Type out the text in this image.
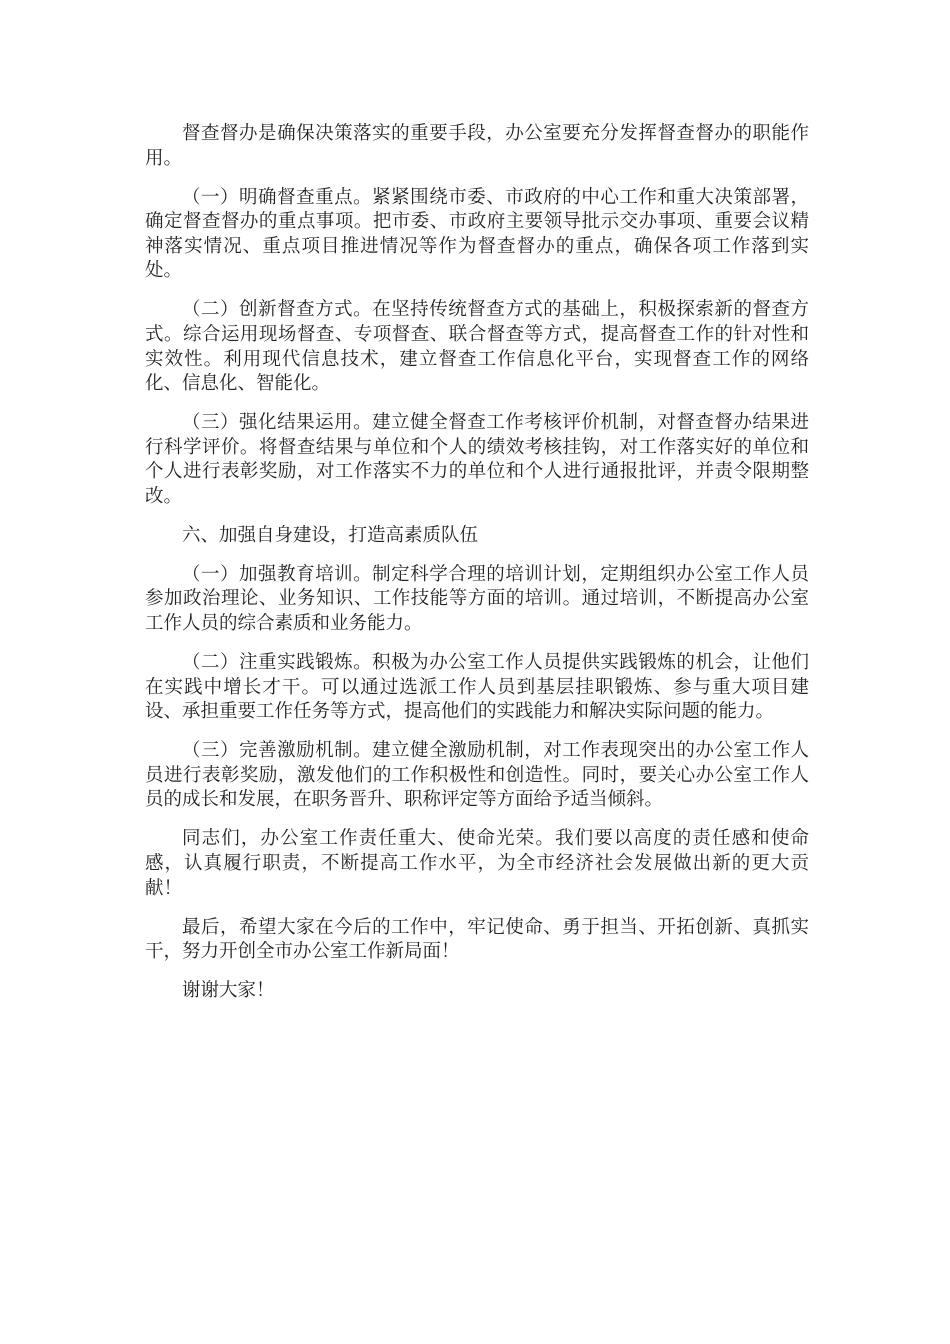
督查督办是确保决策落实的重要手段，办公室要充分发挥督查督办的职能作用。

（一）明确督查重点。紧紧围绕市委、市政府的中心工作和重大决策部署，确定督查督办的重点事项。把市委、市政府主要领导批示交办事项、重要会议精神落实情况、重点项目推进情况等作为督查督办的重点，确保各项工作落到实处。

（二）创新督查方式。在坚持传统督查方式的基础上，积极探索新的督查方式。综合运用现场督查、专项督查、联合督查等方式，提高督查工作的针对性和实效性。利用现代信息技术，建立督查工作信息化平台，实现督查工作的网络化、信息化、智能化。

（三）强化结果运用。建立健全督查工作考核评价机制，对督查督办结果进行科学评价。将督查结果与单位和个人的绩效考核挂钩，对工作落实好的单位和个人进行表彰奖励，对工作落实不力的单位和个人进行通报批评，并责令限期整改。

六、加强自身建设，打造高素质队伍

（一）加强教育培训。制定科学合理的培训计划，定期组织办公室工作人员参加政治理论、业务知识、工作技能等方面的培训。通过培训，不断提高办公室工作人员的综合素质和业务能力。

（二）注重实践锻炼。积极为办公室工作人员提供实践锻炼的机会，让他们在实践中增长才干。可以通过选派工作人员到基层挂职锻炼、参与重大项目建设、承担重要工作任务等方式，提高他们的实践能力和解决实际问题的能力。

（三）完善激励机制。建立健全激励机制，对工作表现突出的办公室工作人员进行表彰奖励，激发他们的工作积极性和创造性。同时，要关心办公室工作人员的成长和发展，在职务晋升、职称评定等方面给予适当倾斜。

同志们，办公室工作责任重大、使命光荣。我们要以高度的责任感和使命感，认真履行职责，不断提高工作水平，为全市经济社会发展做出新的更大贡献！

最后，希望大家在今后的工作中，牢记使命、勇于担当、开拓创新、真抓实干，努力开创全市办公室工作新局面！

谢谢大家！
